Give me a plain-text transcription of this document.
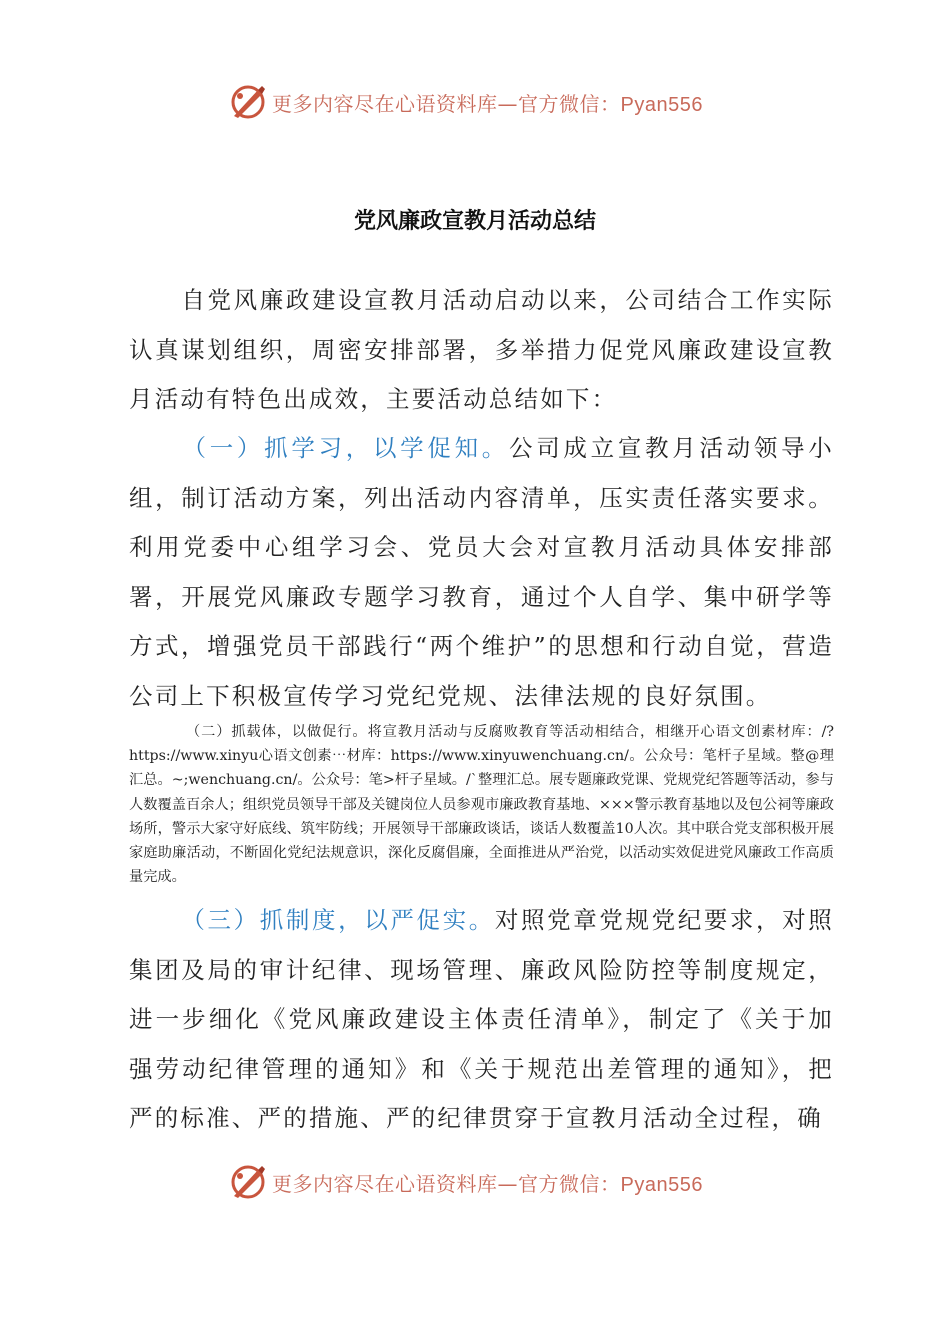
更多内容尽在心语资料库—官方微信：Pyan556
党风廉政宣教月活动总结
自党风廉政建设宣教月活动启动以来，公司结合工作实际认真谋划组织，周密安排部署，多举措力促党风廉政建设宣教月活动有特色出成效，主要活动总结如下：
（一）抓学习，以学促知。公司成立宣教月活动领导小组，制订活动方案，列出活动内容清单，压实责任落实要求。利用党委中心组学习会、党员大会对宣教月活动具体安排部署，开展党风廉政专题学习教育，通过个人自学、集中研学等方式，增强党员干部践行“两个维护”的思想和行动自觉，营造公司上下积极宣传学习党纪党规、法律法规的良好氛围。
（二）抓载体，以做促行。将宣教月活动与反腐败教育等活动相结合，相继开心语文创素材库：/?https://www.xinyu心语文创素⋯材库：https://www.xinyuwenchuang.cn/。公众号：笔杆子星域。整@理汇总。~;wenchuang.cn/。公众号：笔>杆子星域。/`整理汇总。展专题廉政党课、党规党纪答题等活动，参与人数覆盖百余人；组织党员领导干部及关键岗位人员参观市廉政教育基地、×××警示教育基地以及包公祠等廉政场所，警示大家守好底线、筑牢防线；开展领导干部廉政谈话，谈话人数覆盖10人次。其中联合党支部积极开展家庭助廉活动，不断固化党纪法规意识，深化反腐倡廉，全面推进从严治党，以活动实效促进党风廉政工作高质量完成。
（三）抓制度，以严促实。对照党章党规党纪要求，对照集团及局的审计纪律、现场管理、廉政风险防控等制度规定，进一步细化《党风廉政建设主体责任清单》，制定了《关于加强劳动纪律管理的通知》和《关于规范出差管理的通知》，把严的标准、严的措施、严的纪律贯穿于宣教月活动全过程，确
更多内容尽在心语资料库—官方微信：Pyan556
